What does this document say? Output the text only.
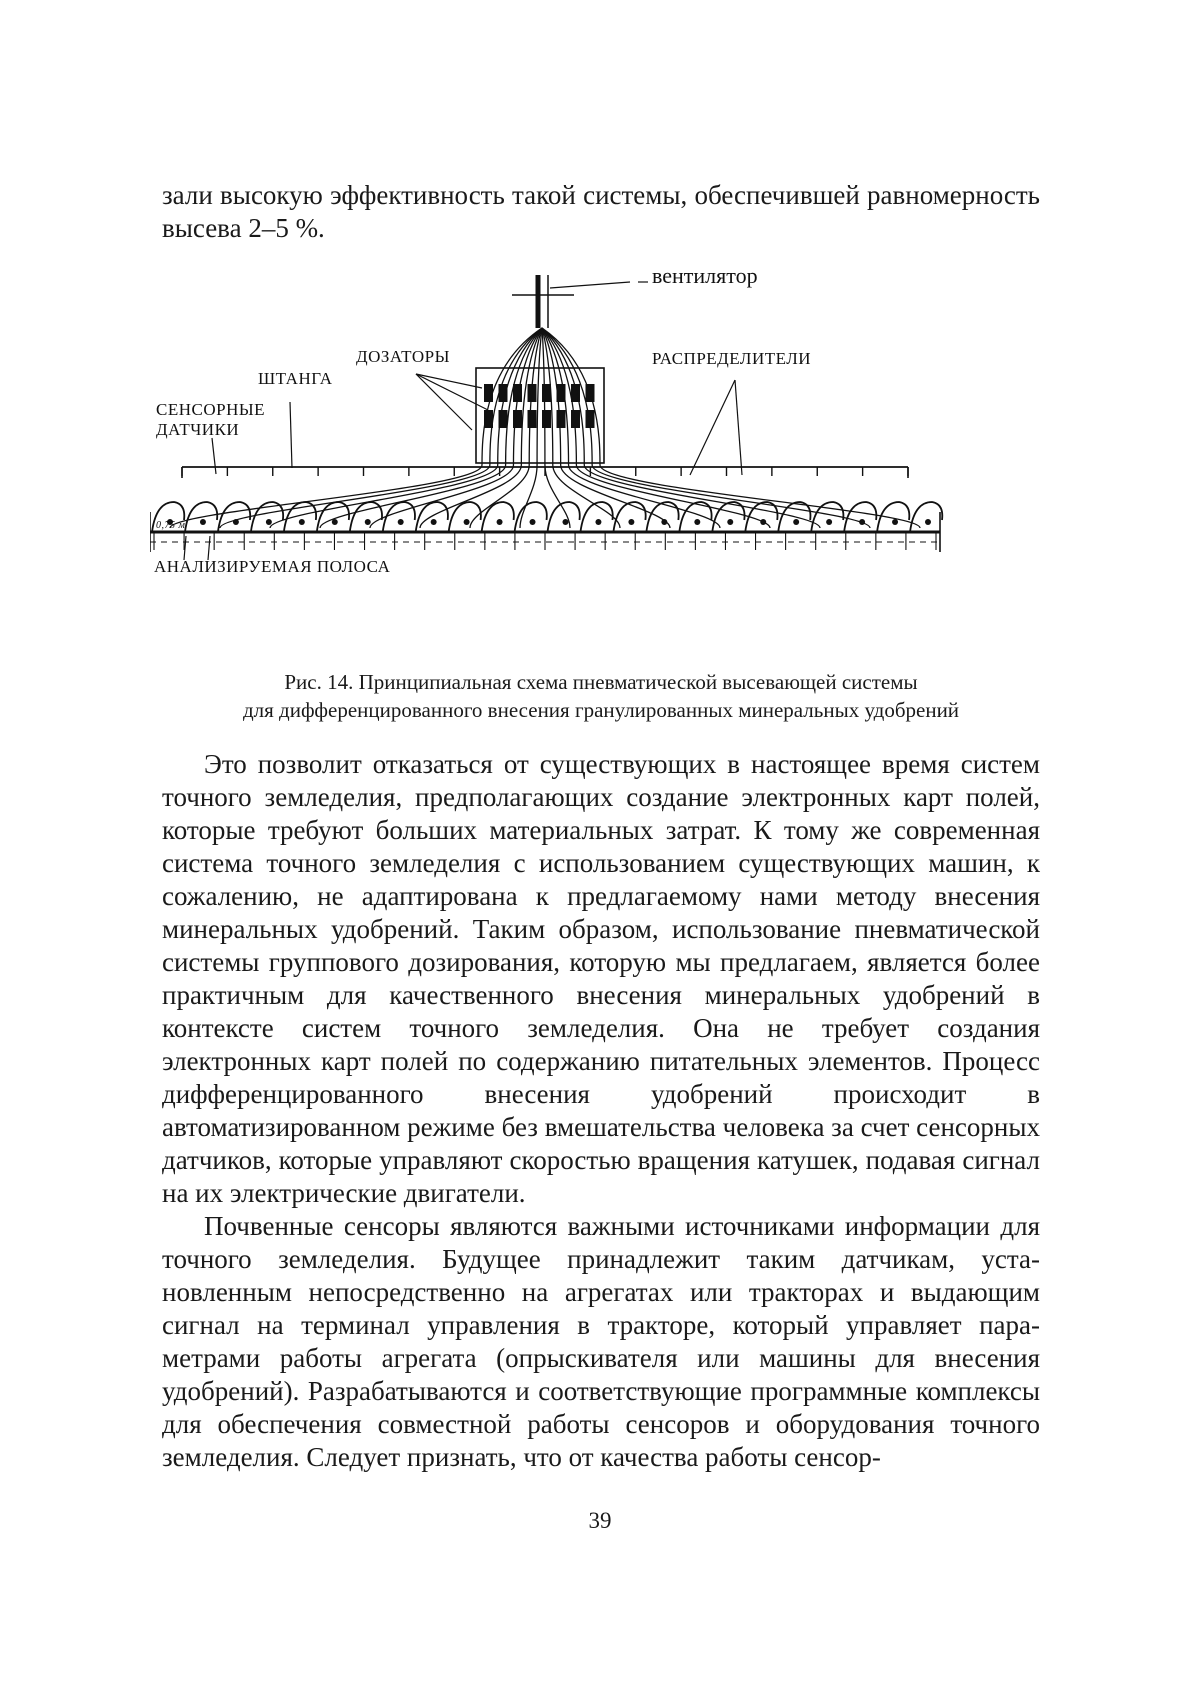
зали высокую эффективность такой системы, обеспечившей равномерность высева 2–5 %.

вентилятор
ДОЗАТОРЫ	РАСПРЕДЕЛИТЕЛИ
ШТАНГА
СЕНСОРНЫЕ
ДАТЧИКИ
АНАЛИЗИРУЕМАЯ ПОЛОСА
0,75 м
Рис. 14. Принципиальная схема пневматической высевающей системы
для дифференцированного внесения гранулированных минеральных удобрений

Это позволит отказаться от существующих в настоящее время систем точного земледелия, предполагающих создание электронных карт полей, которые требуют больших материальных затрат. К тому же современная система точного земледелия с использованием существующих машин, к сожалению, не адаптирована к предлагаемому нами методу внесения минеральных удобрений. Таким образом, использование пневматической системы группового дозирования, которую мы предлагаем, является более практичным для качественного внесения минеральных удобрений в контексте систем точного земледелия. Она не требует создания электронных карт полей по содержанию питательных элементов. Процесс дифференцированного внесения удобрений происходит в автоматизированном режиме без вмешательства человека за счет сенсорных датчиков, которые управляют скоростью вращения катушек, подавая сигнал на их электрические двигатели.

Почвенные сенсоры являются важными источниками информации для точного земледелия. Будущее принадлежит таким датчикам, установленным непосредственно на агрегатах или тракторах и выдающим сигнал на терминал управления в тракторе, который управляет параметрами работы агрегата (опрыскивателя или машины для внесения удобрений). Разрабатываются и соответствующие программные комплексы для обеспечения совместной работы сенсоров и оборудования точного земледелия. Следует признать, что от качества работы сенсор-

39
